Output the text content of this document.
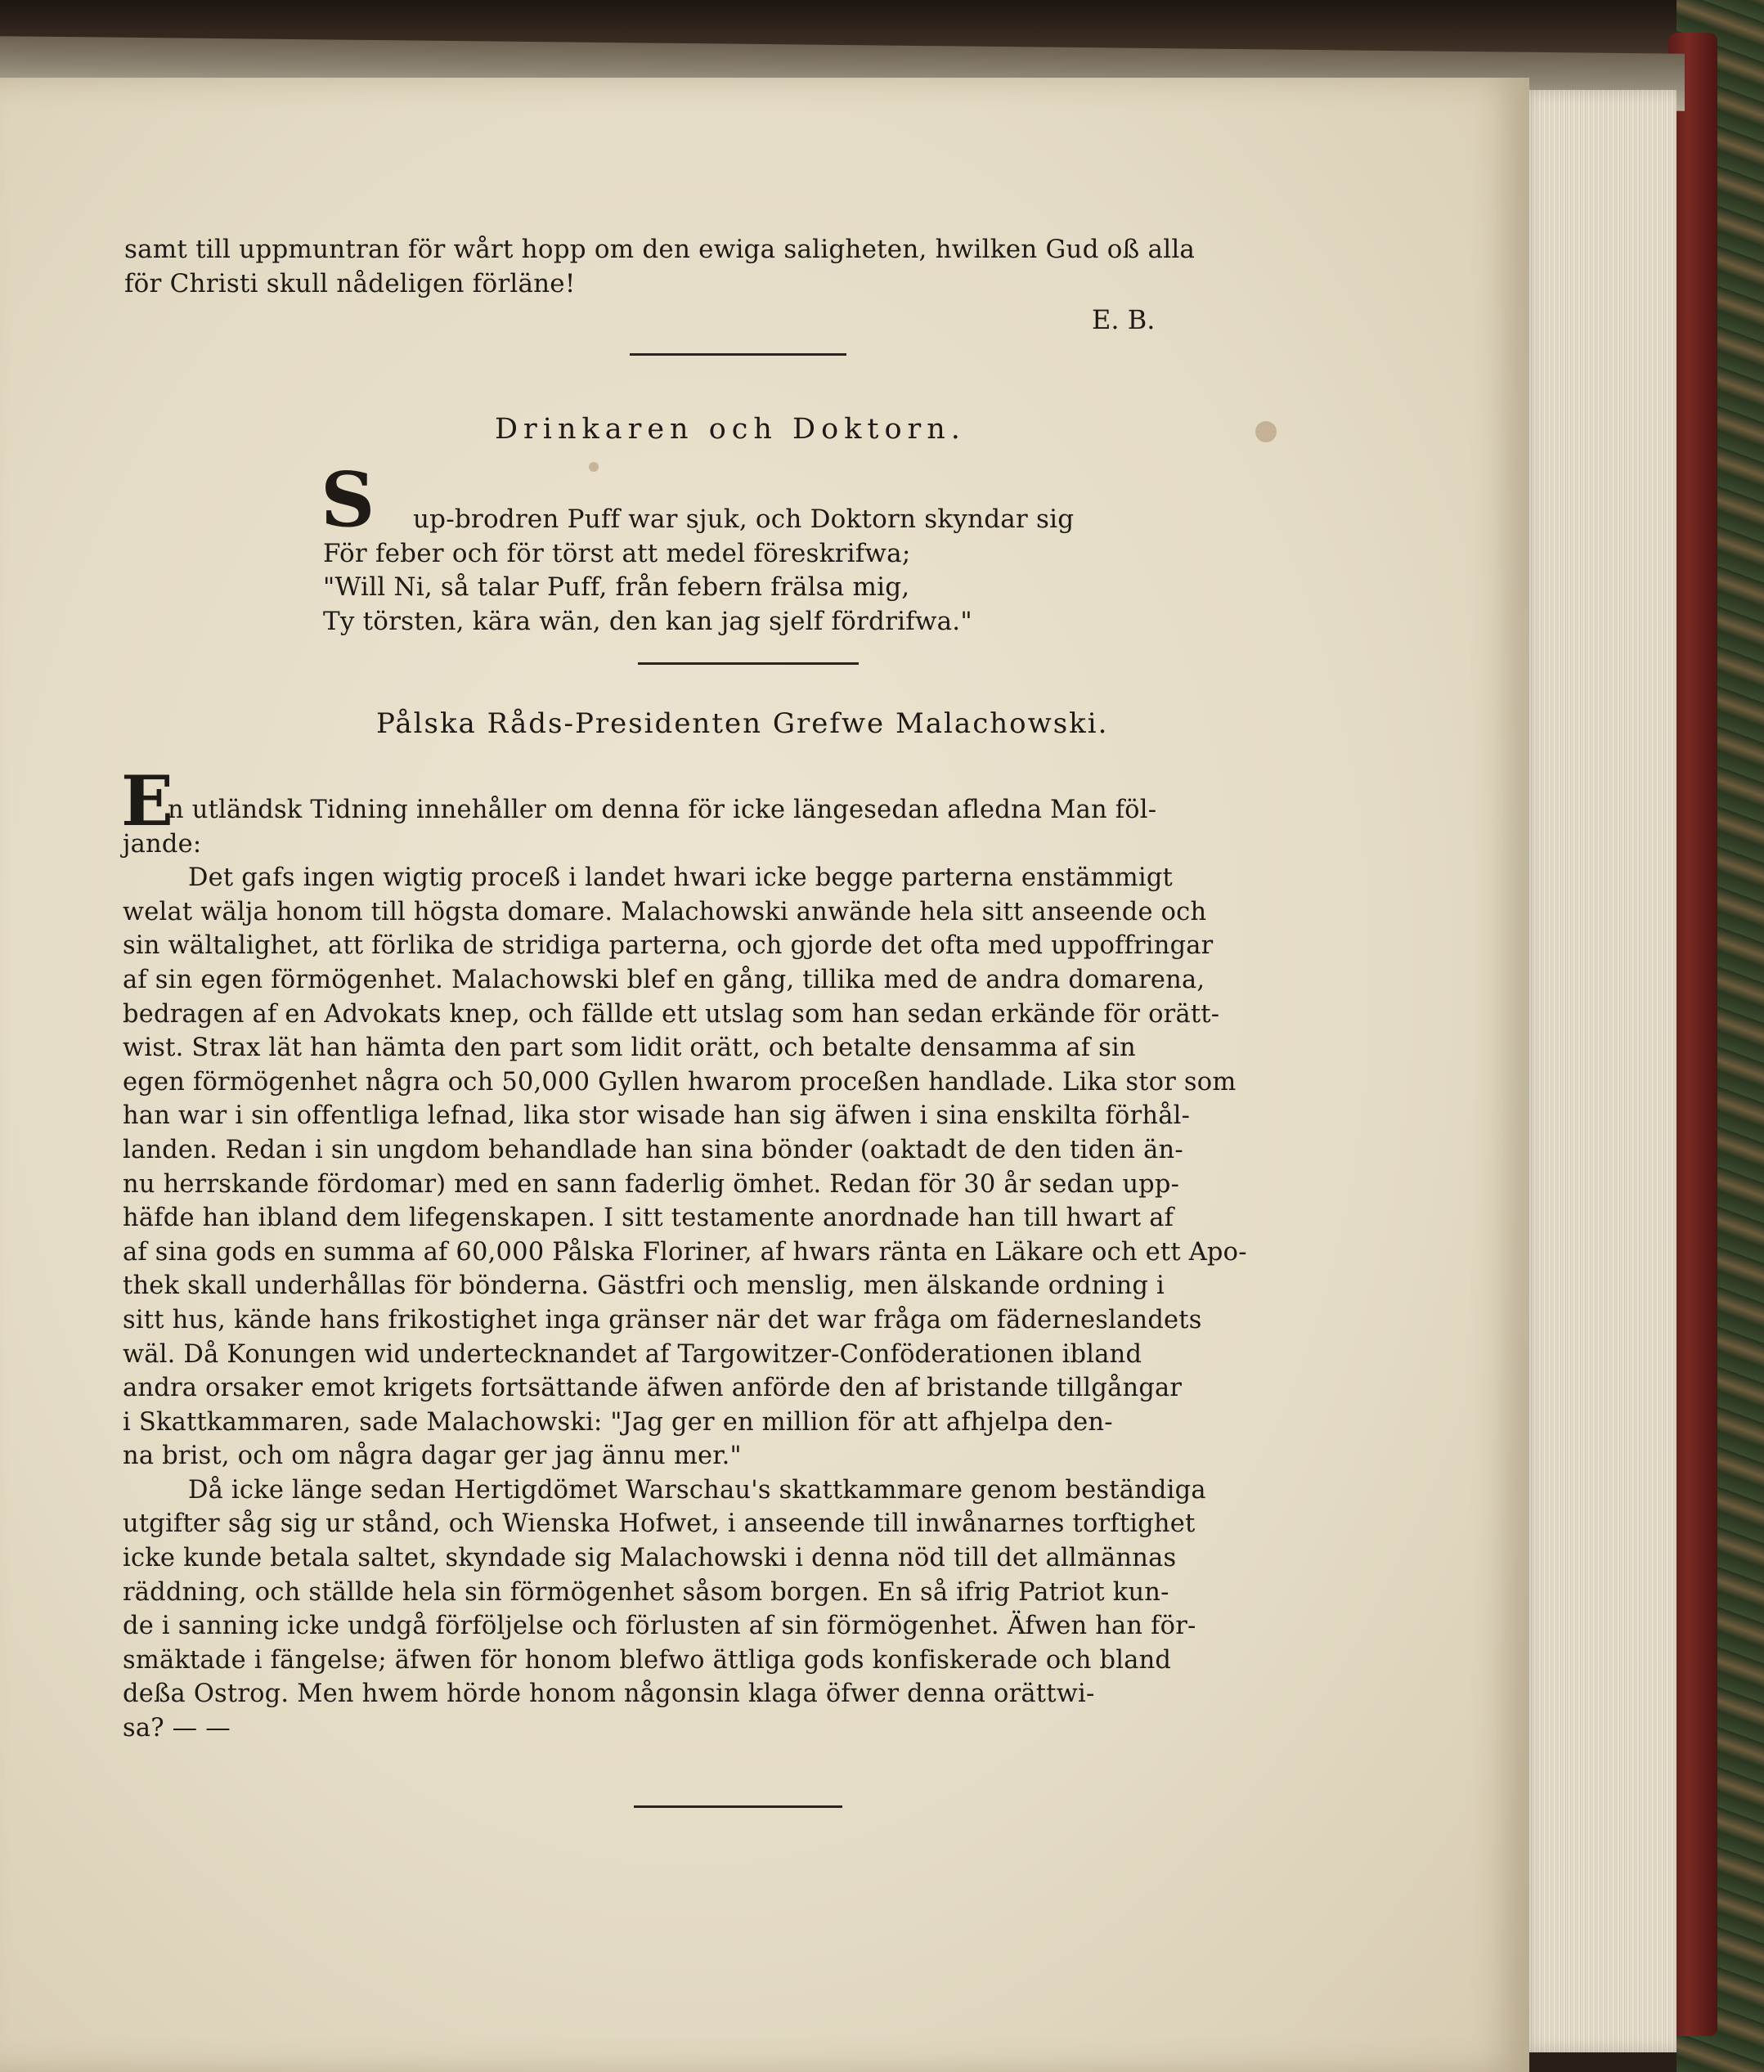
samt till uppmuntran för wårt hopp om den ewiga saligheten, hwilken Gud oß alla
för Christi skull nådeligen förläne!
E. B.
Drinkaren och Doktorn.
S	up-brodren Puff war sjuk, och Doktorn skyndar sig
För feber och för törst att medel föreskrifwa;
"Will Ni, så talar Puff, från febern frälsa mig,
Ty törsten, kära wän, den kan jag sjelf fördrifwa."
Pålska Råds-Presidenten Grefwe Malachowski.
E
n utländsk Tidning innehåller om denna för icke längesedan afledna Man föl-
jande:
Det gafs ingen wigtig proceß i landet hwari icke begge parterna enstämmigt
welat wälja honom till högsta domare. Malachowski anwände hela sitt anseende och
sin wältalighet, att förlika de stridiga parterna, och gjorde det ofta med uppoffringar
af sin egen förmögenhet. Malachowski blef en gång, tillika med de andra domarena,
bedragen af en Advokats knep, och fällde ett utslag som han sedan erkände för orätt-
wist. Strax lät han hämta den part som lidit orätt, och betalte densamma af sin
egen förmögenhet några och 50,000 Gyllen hwarom proceßen handlade. Lika stor som
han war i sin offentliga lefnad, lika stor wisade han sig äfwen i sina enskilta förhål-
landen. Redan i sin ungdom behandlade han sina bönder (oaktadt de den tiden än-
nu herrskande fördomar) med en sann faderlig ömhet. Redan för 30 år sedan upp-
häfde han ibland dem lifegenskapen. I sitt testamente anordnade han till hwart af
af sina gods en summa af 60,000 Pålska Floriner, af hwars ränta en Läkare och ett Apo-
thek skall underhållas för bönderna. Gästfri och menslig, men älskande ordning i
sitt hus, kände hans frikostighet inga gränser när det war fråga om fäderneslandets
wäl. Då Konungen wid undertecknandet af Targowitzer-Conföderationen ibland
andra orsaker emot krigets fortsättande äfwen anförde den af bristande tillgångar
i Skattkammaren, sade Malachowski: "Jag ger en million för att afhjelpa den-
na brist, och om några dagar ger jag ännu mer."
Då icke länge sedan Hertigdömet Warschau's skattkammare genom beständiga
utgifter såg sig ur stånd, och Wienska Hofwet, i anseende till inwånarnes torftighet
icke kunde betala saltet, skyndade sig Malachowski i denna nöd till det allmännas
räddning, och ställde hela sin förmögenhet såsom borgen. En så ifrig Patriot kun-
de i sanning icke undgå förföljelse och förlusten af sin förmögenhet. Äfwen han för-
smäktade i fängelse; äfwen för honom blefwo ättliga gods konfiskerade och bland
deßa Ostrog. Men hwem hörde honom någonsin klaga öfwer denna orättwi-
sa? — —
